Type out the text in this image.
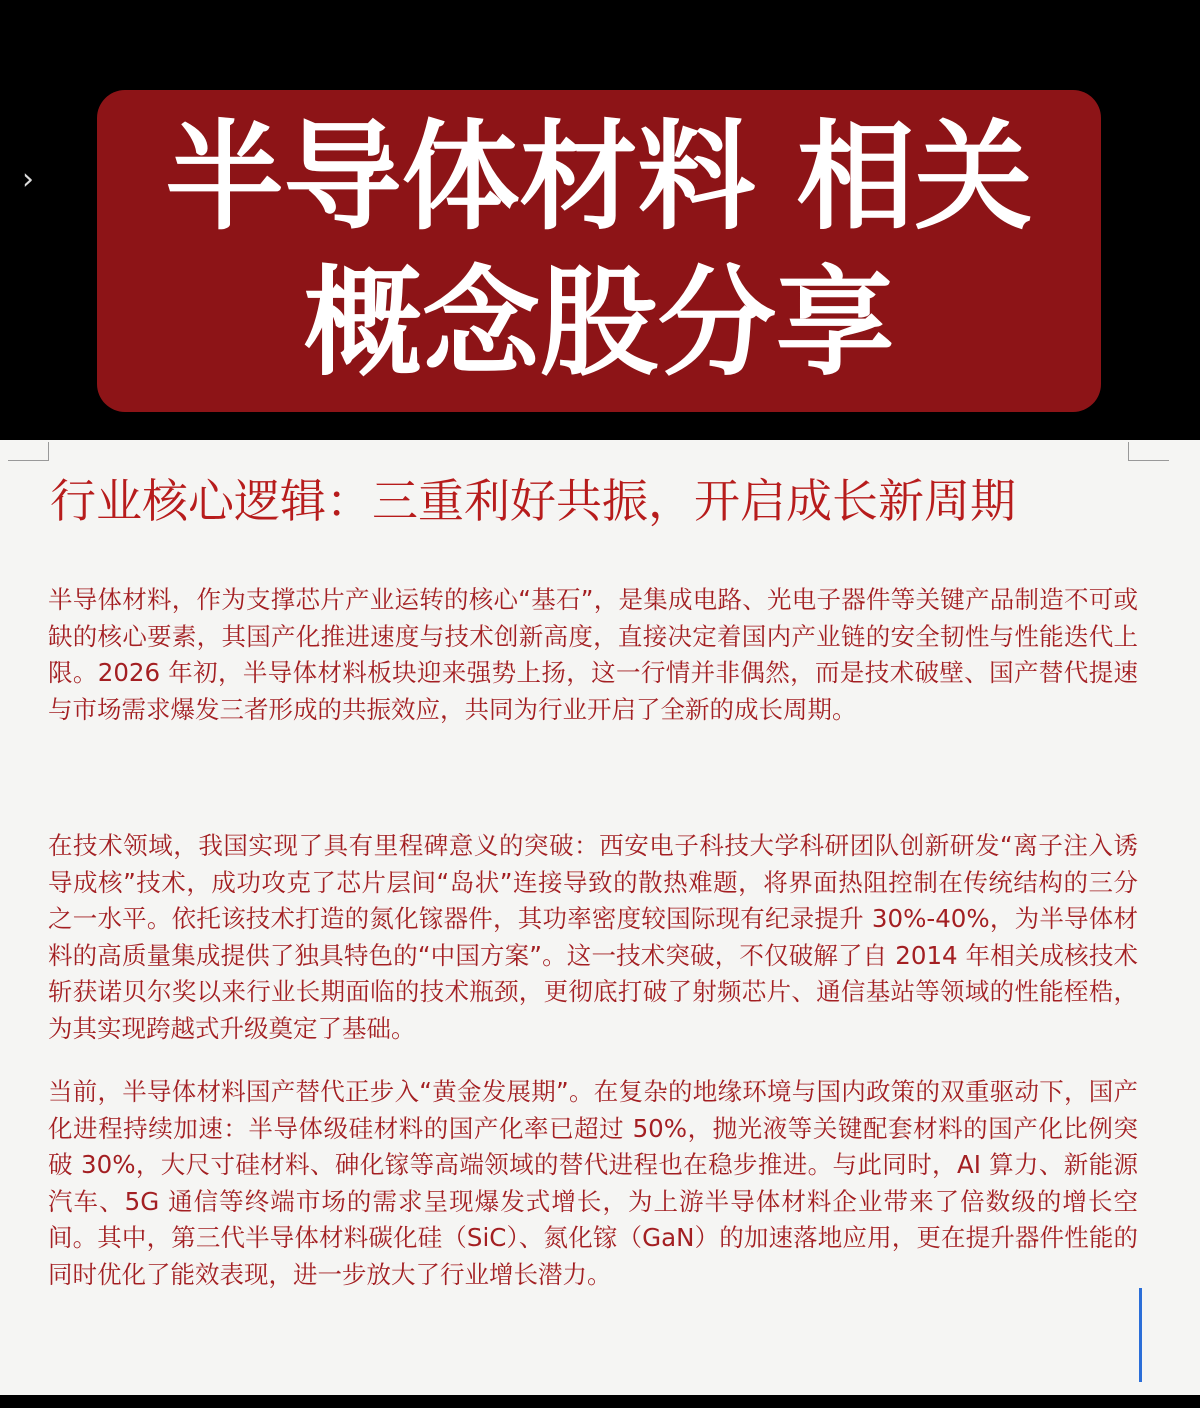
›	半导体材料 相关
概念股分享
行业核心逻辑：三重利好共振，开启成长新周期
半导体材料，作为支撑芯片产业运转的核心“基石”，是集成电路、光电子器件等关键产品制造不可或缺的核心要素，其国产化推进速度与技术创新高度，直接决定着国内产业链的安全韧性与性能迭代上限。2026 年初，半导体材料板块迎来强势上扬，这一行情并非偶然，而是技术破壁、国产替代提速与市场需求爆发三者形成的共振效应，共同为行业开启了全新的成长周期。
在技术领域，我国实现了具有里程碑意义的突破：西安电子科技大学科研团队创新研发“离子注入诱导成核”技术，成功攻克了芯片层间“岛状”连接导致的散热难题，将界面热阻控制在传统结构的三分之一水平。依托该技术打造的氮化镓器件，其功率密度较国际现有纪录提升 30%-40%，为半导体材料的高质量集成提供了独具特色的“中国方案”。这一技术突破，不仅破解了自 2014 年相关成核技术斩获诺贝尔奖以来行业长期面临的技术瓶颈，更彻底打破了射频芯片、通信基站等领域的性能桎梏，为其实现跨越式升级奠定了基础。
当前，半导体材料国产替代正步入“黄金发展期”。在复杂的地缘环境与国内政策的双重驱动下，国产化进程持续加速：半导体级硅材料的国产化率已超过 50%，抛光液等关键配套材料的国产化比例突破 30%，大尺寸硅材料、砷化镓等高端领域的替代进程也在稳步推进。与此同时，AI 算力、新能源汽车、5G 通信等终端市场的需求呈现爆发式增长，为上游半导体材料企业带来了倍数级的增长空间。其中，第三代半导体材料碳化硅（SiC）、氮化镓（GaN）的加速落地应用，更在提升器件性能的同时优化了能效表现，进一步放大了行业增长潜力。
